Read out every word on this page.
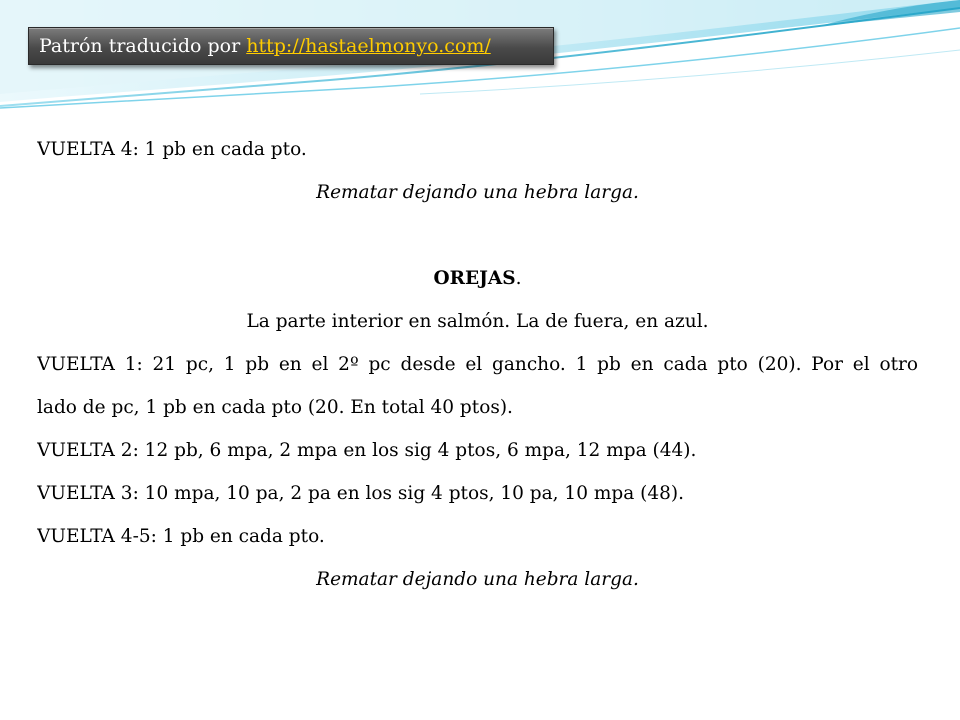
Patrón traducido por http://hastaelmonyo.com/
VUELTA 4: 1 pb en cada pto.
Rematar dejando una hebra larga.
OREJAS.
La parte interior en salmón. La de fuera, en azul.
VUELTA 1: 21 pc, 1 pb en el 2º pc desde el gancho. 1 pb en cada pto (20). Por el otro
lado de pc, 1 pb en cada pto (20. En total 40 ptos).
VUELTA 2: 12 pb, 6 mpa, 2 mpa en los sig 4 ptos, 6 mpa, 12 mpa (44).
VUELTA 3: 10 mpa, 10 pa, 2 pa en los sig 4 ptos, 10 pa, 10 mpa (48).
VUELTA 4-5: 1 pb en cada pto.
Rematar dejando una hebra larga.
